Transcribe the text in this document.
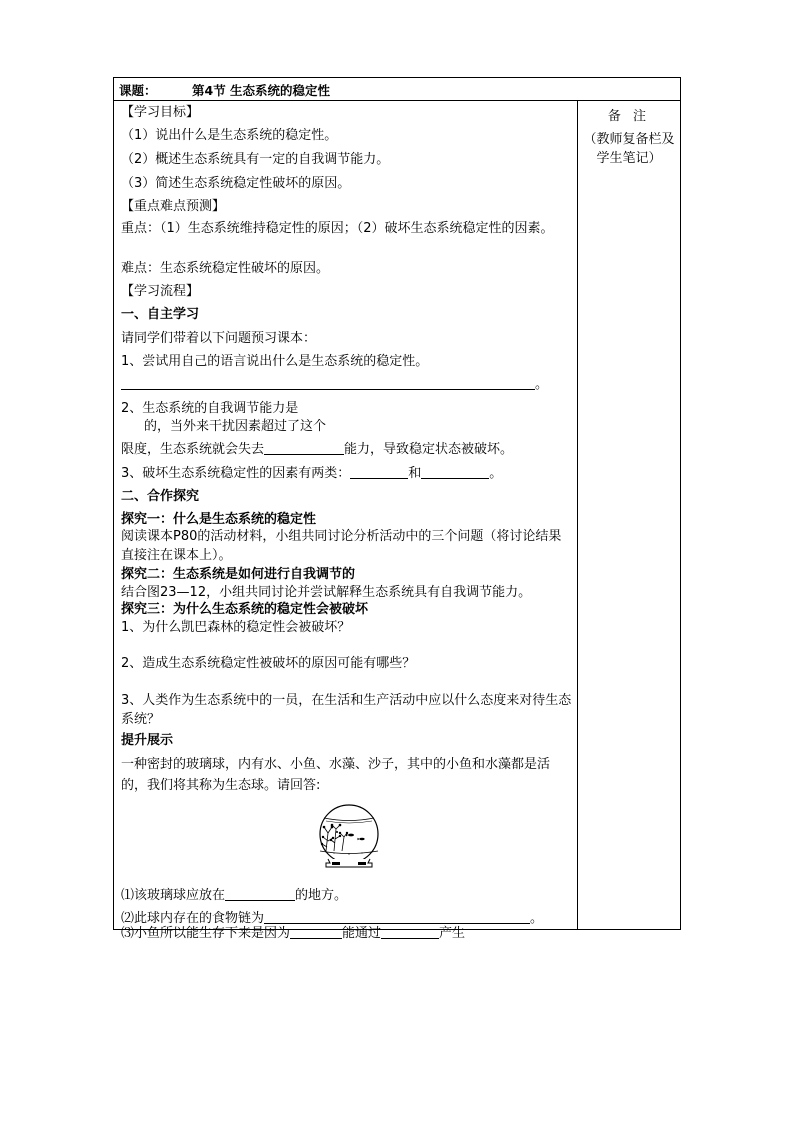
课题：	第4节 生态系统的稳定性
【学习目标】
（1）说出什么是生态系统的稳定性。
（2）概述生态系统具有一定的自我调节能力。
（3）简述生态系统稳定性破坏的原因。
【重点难点预测】
重点：（1）生态系统维持稳定性的原因；（2）破坏生态系统稳定性的因素。
难点：生态系统稳定性破坏的原因。
【学习流程】
一、自主学习
请同学们带着以下问题预习课本：
1、尝试用自己的语言说出什么是生态系统的稳定性。
。
2、生态系统的自我调节能力是
的，当外来干扰因素超过了这个
限度，生态系统就会失去	能力，导致稳定状态被破坏。
3、破坏生态系统稳定性的因素有两类：	和	。
二、合作探究
探究一：什么是生态系统的稳定性
阅读课本P80的活动材料，小组共同讨论分析活动中的三个问题（将讨论结果直接注在课本上）。
探究二：生态系统是如何进行自我调节的
结合图23—12，小组共同讨论并尝试解释生态系统具有自我调节能力。
探究三：为什么生态系统的稳定性会被破坏
1、为什么凯巴森林的稳定性会被破坏？
2、造成生态系统稳定性被破坏的原因可能有哪些？
3、人类作为生态系统中的一员，在生活和生产活动中应以什么态度来对待生态系统？
提升展示
一种密封的玻璃球，内有水、小鱼、水藻、沙子，其中的小鱼和水藻都是活的，我们将其称为生态球。请回答:
⑴该玻璃球应放在	的地方。
⑵此球内存在的食物链为	。
⑶小鱼所以能生存下来是因为	能通过	产生
备 注
（教师复备栏及学生笔记）
